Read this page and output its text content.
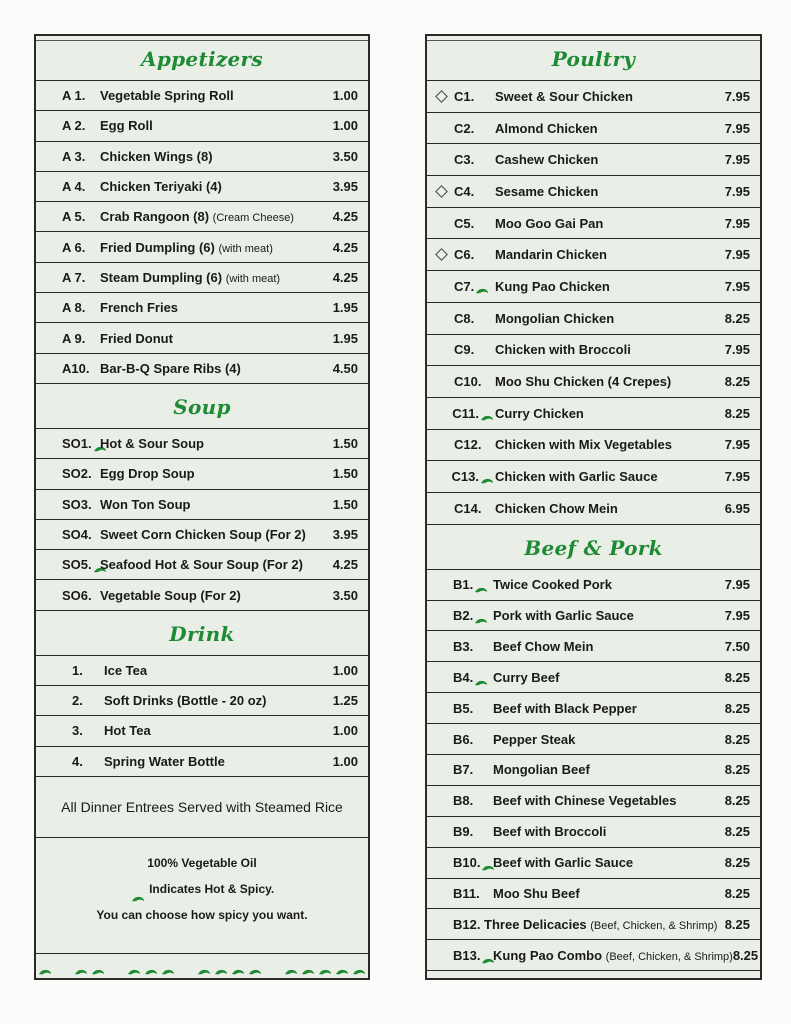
Appetizers
A 1.	Vegetable Spring Roll	1.00
A 2.	Egg Roll	1.00
A 3.	Chicken Wings (8)	3.50
A 4.	Chicken Teriyaki (4)	3.95
A 5.	Crab Rangoon (8) (Cream Cheese)	4.25
A 6.	Fried Dumpling (6) (with meat)	4.25
A 7.	Steam Dumpling (6) (with meat)	4.25
A 8.	French Fries	1.95
A 9.	Fried Donut	1.95
A10. Bar-B-Q Spare Ribs (4)	4.50
Soup
SO1. Hot & Sour Soup	1.50
SO2. Egg Drop Soup	1.50
SO3. Won Ton Soup	1.50
SO4. Sweet Corn Chicken Soup (For 2)	3.95
SO5. Seafood Hot & Sour Soup (For 2)	4.25
SO6. Vegetable Soup (For 2)	3.50
Drink
1.	Ice Tea	1.00
2.	Soft Drinks (Bottle - 20 oz)	1.25
3.	Hot Tea	1.00
4.	Spring Water Bottle	1.00
All Dinner Entrees Served with Steamed Rice
100% Vegetable Oil
Indicates Hot & Spicy.
You can choose how spicy you want.
Poultry
C1. Sweet & Sour Chicken	7.95
C2. Almond Chicken	7.95
C3. Cashew Chicken	7.95
C4. Sesame Chicken	7.95
C5. Moo Goo Gai Pan	7.95
C6. Mandarin Chicken	7.95
C7. Kung Pao Chicken	7.95
C8. Mongolian Chicken	8.25
C9. Chicken with Broccoli	7.95
C10. Moo Shu Chicken (4 Crepes)	8.25
C11. Curry Chicken	8.25
C12. Chicken with Mix Vegetables	7.95
C13. Chicken with Garlic Sauce	7.95
C14. Chicken Chow Mein	6.95
Beef & Pork
B1.	Twice Cooked Pork	7.95
B2.	Pork with Garlic Sauce	7.95
B3.	Beef Chow Mein	7.50
B4.	Curry Beef	8.25
B5.	Beef with Black Pepper	8.25
B6.	Pepper Steak	8.25
B7.	Mongolian Beef	8.25
B8.	Beef with Chinese Vegetables	8.25
B9.	Beef with Broccoli	8.25
B10. Beef with Garlic Sauce	8.25
B11.	Moo Shu Beef	8.25
B12. Three Delicacies (Beef, Chicken, & Shrimp) 8.25
B13. Kung Pao Combo (Beef, Chicken, & Shrimp) 8.25
